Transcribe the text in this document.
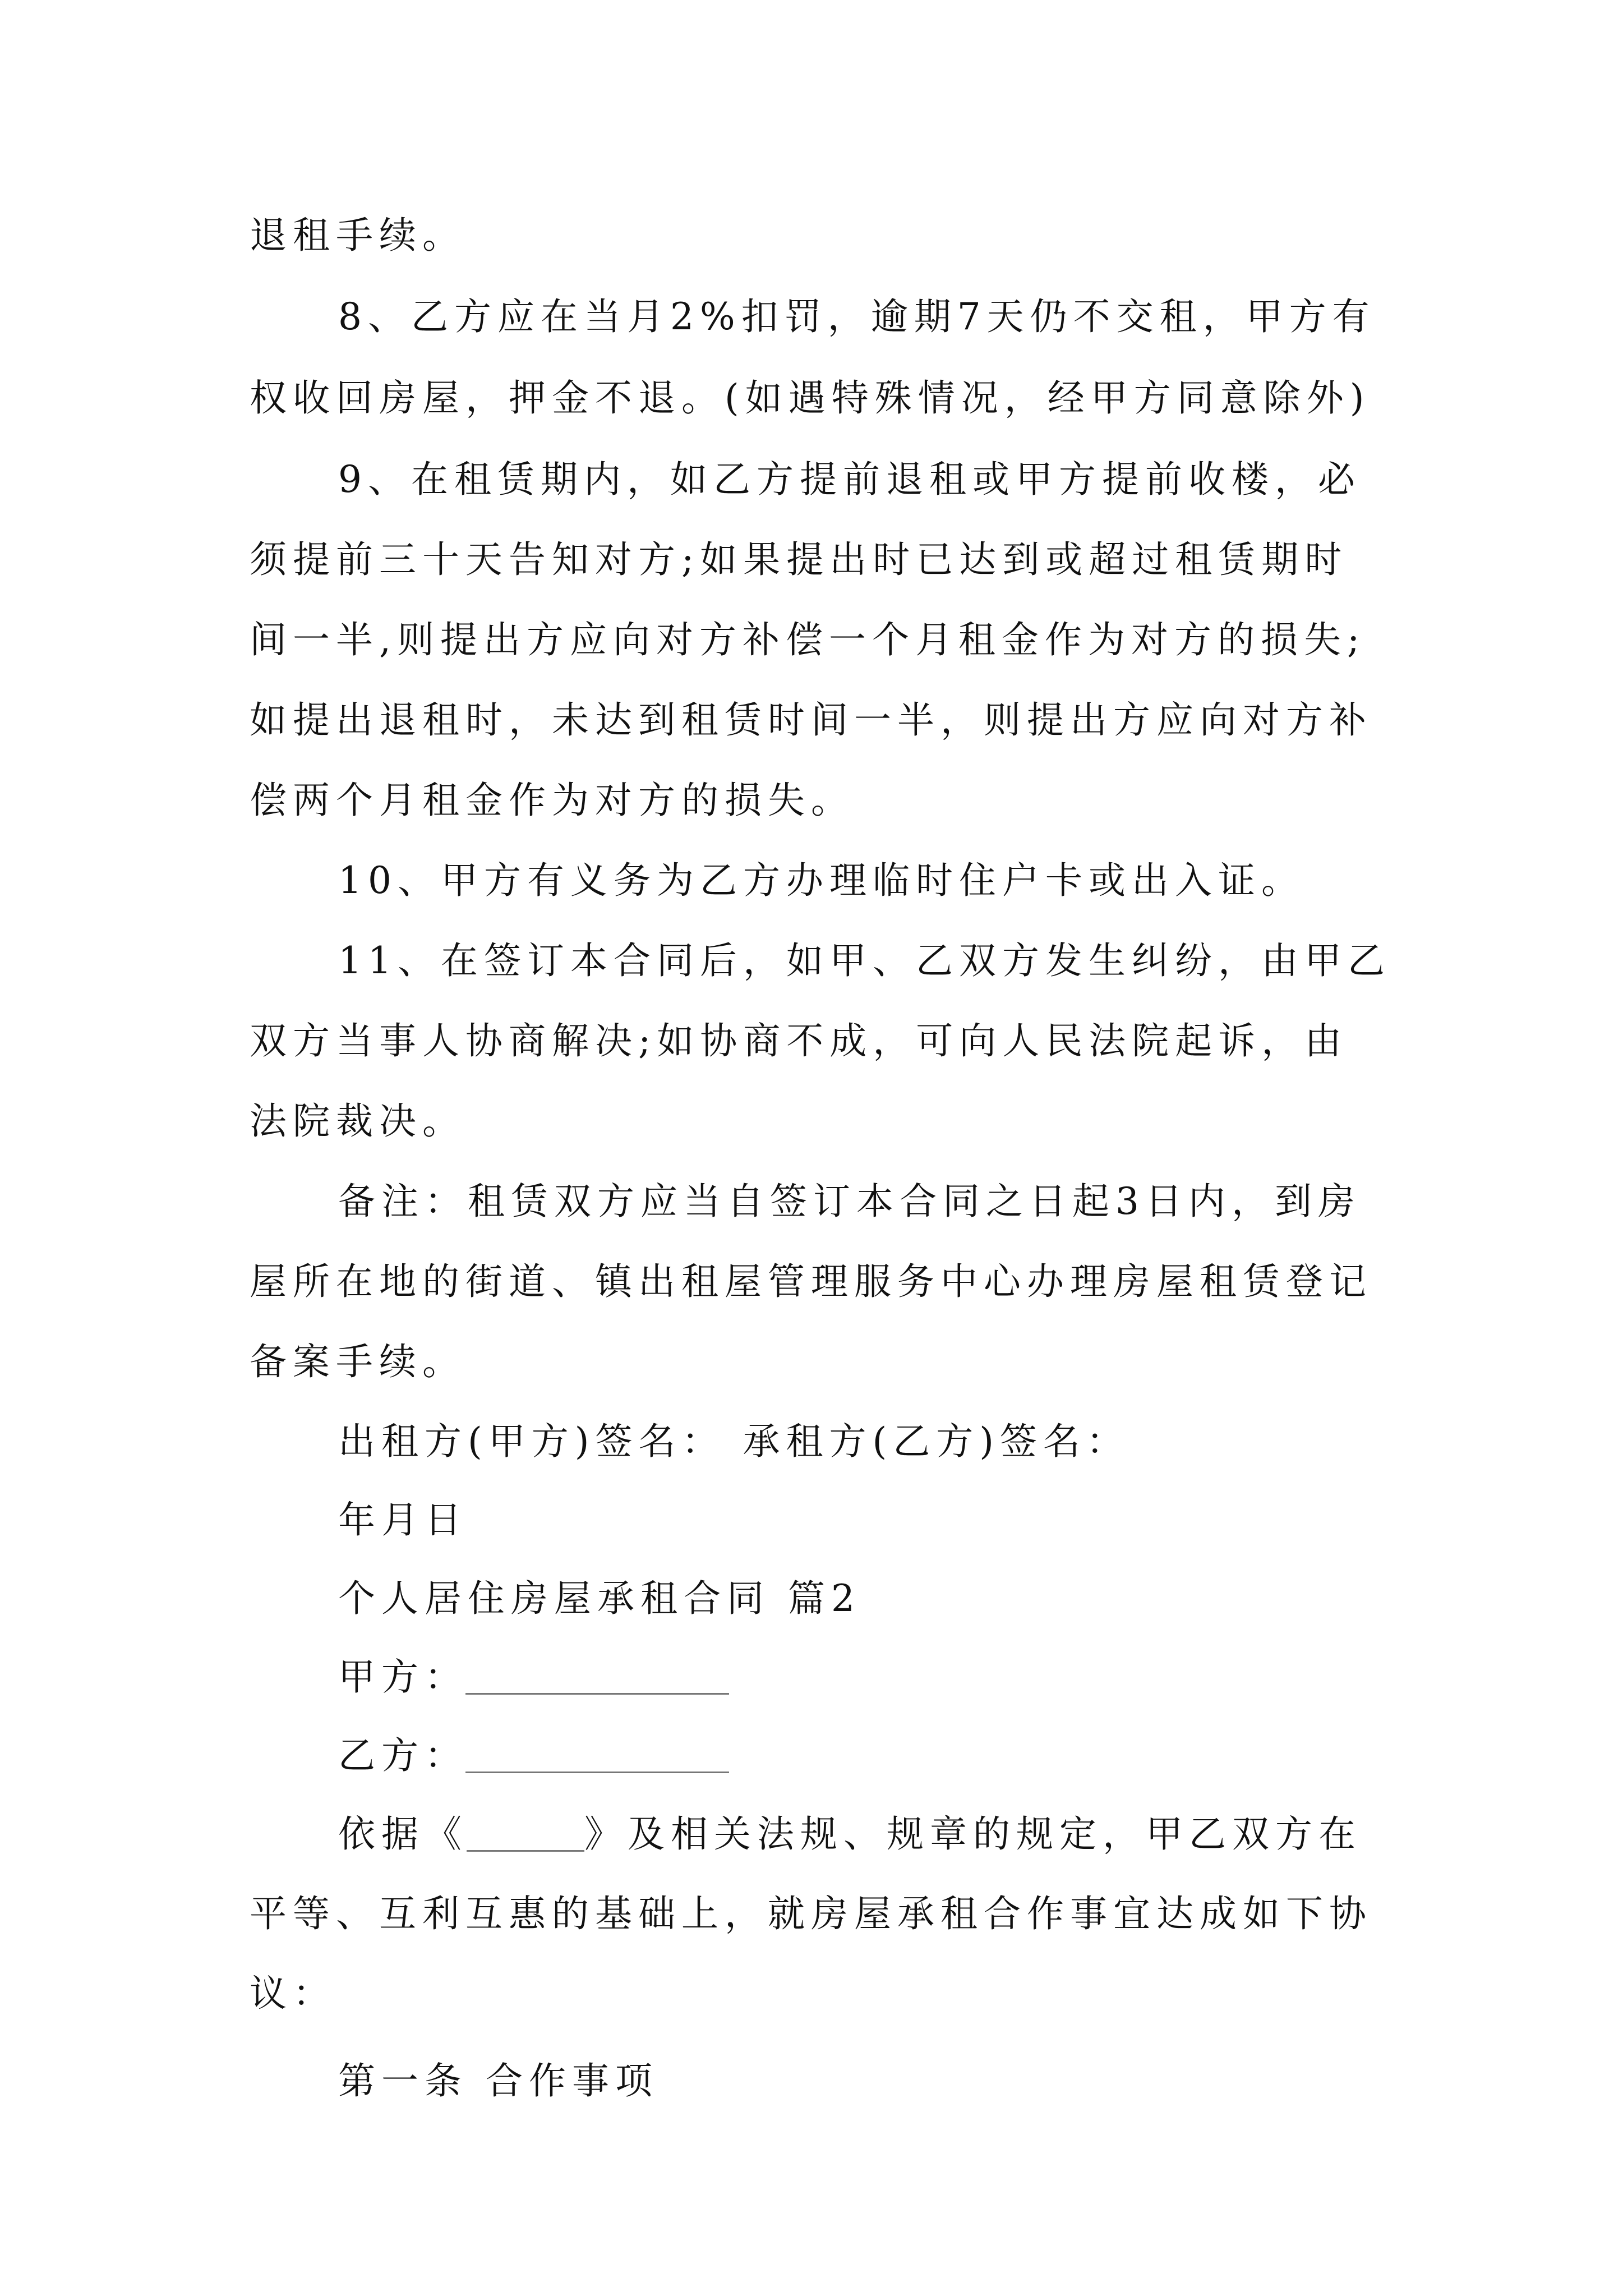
退租手续。
8、乙方应在当月2%扣罚，逾期7天仍不交租，甲方有
权收回房屋，押金不退。(如遇特殊情况，经甲方同意除外)
9、在租赁期内，如乙方提前退租或甲方提前收楼，必
须提前三十天告知对方;如果提出时已达到或超过租赁期时
间一半,则提出方应向对方补偿一个月租金作为对方的损失;
如提出退租时，未达到租赁时间一半，则提出方应向对方补
偿两个月租金作为对方的损失。
10、甲方有义务为乙方办理临时住户卡或出入证。
11、在签订本合同后，如甲、乙双方发生纠纷，由甲乙
双方当事人协商解决;如协商不成，可向人民法院起诉，由
法院裁决。
备注：租赁双方应当自签订本合同之日起3日内，到房
屋所在地的街道、镇出租屋管理服务中心办理房屋租赁登记
备案手续。
出租方(甲方)签名： 承租方(乙方)签名：
年月日
个人居住房屋承租合同 篇2
甲方：
乙方：
依据《	》及相关法规、规章的规定，甲乙双方在
平等、互利互惠的基础上，就房屋承租合作事宜达成如下协
议：
第一条 合作事项
